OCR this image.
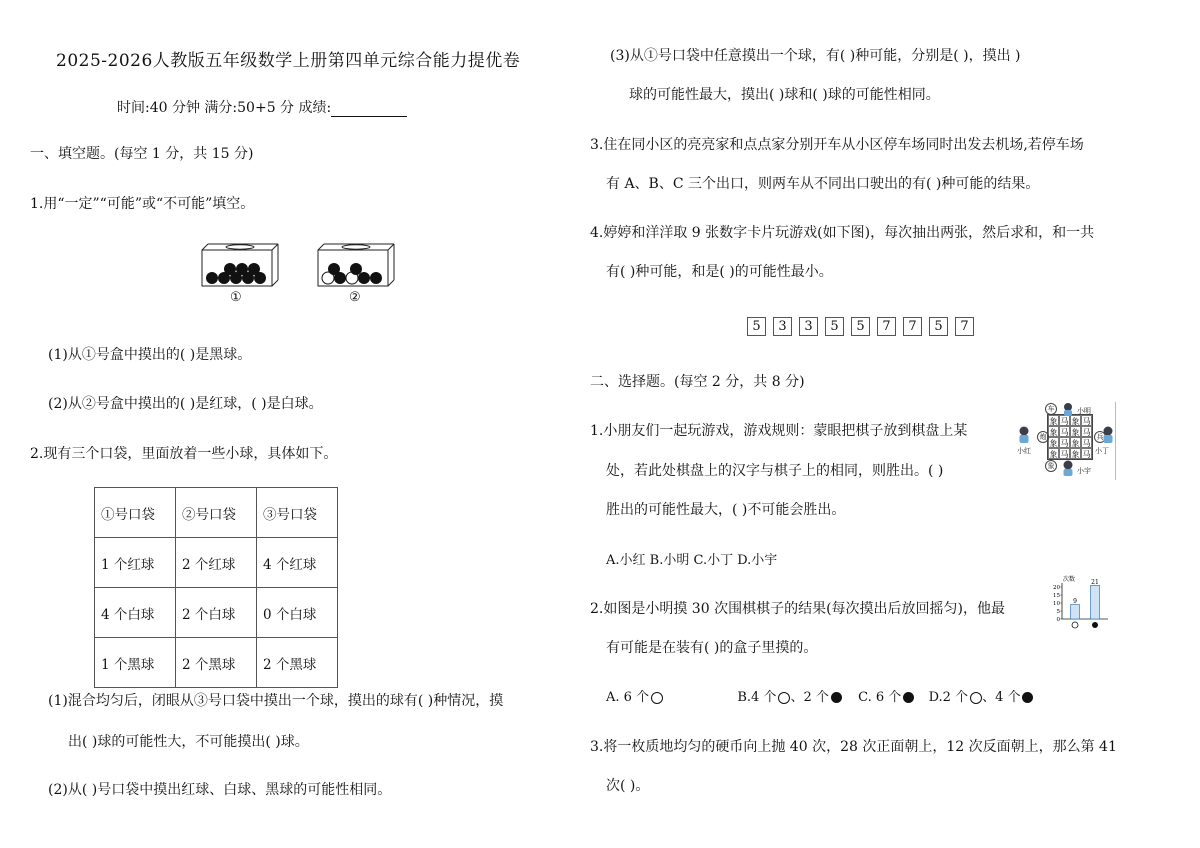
2025-2026人教版五年级数学上册第四单元综合能力提优卷
时间:40 分钟 满分:50+5 分 成绩:
一、填空题。(每空 1 分，共 15 分)
1.用“一定”“可能”或“不可能”填空。
①	②
(1)从①号盒中摸出的( )是黑球。
(2)从②号盒中摸出的( )是红球，( )是白球。
2.现有三个口袋，里面放着一些小球，具体如下。
①号口袋	②号口袋	③号口袋
1 个红球	2 个红球	4 个红球
4 个白球	2 个白球	0 个白球
1 个黑球	2 个黑球	2 个黑球
(1)混合均匀后，闭眼从③号口袋中摸出一个球，摸出的球有( )种情况，摸
出( )球的可能性大，不可能摸出( )球。
(2)从( )号口袋中摸出红球、白球、黑球的可能性相同。
(3)从①号口袋中任意摸出一个球，有( )种可能，分别是( )，摸出 )
球的可能性最大，摸出( )球和( )球的可能性相同。
3.住在同小区的亮亮家和点点家分别开车从小区停车场同时出发去机场,若停车场
有 A、B、C 三个出口，则两车从不同出口驶出的有( )种可能的结果。
4.婷婷和洋洋取 9 张数字卡片玩游戏(如下图)，每次抽出两张，然后求和，和一共
有( )种可能，和是( )的可能性最小。
5 3 3 5 5 7 7 5 7
二、选择题。(每空 2 分，共 8 分)
1.小朋友们一起玩游戏，游戏规则：蒙眼把棋子放到棋盘上某
处，若此处棋盘上的汉字与棋子上的相同，则胜出。( )
胜出的可能性最大，( )不可能会胜出。
A.小红 B.小明 C.小丁 D.小宇
象 马 象 马
象 马 象 马
象 马 象 马
象 马 象 马
车
炮	兵
象
小明
小红	小丁
小宇
2.如图是小明摸 30 次围棋棋子的结果(每次摸出后放回摇匀)，他最
有可能是在装有( )的盒子里摸的。
次数
20
15
10
5
0
9
21
A. 6 个	B.4 个 、2 个 C. 6 个 D.2 个 、4 个
3.将一枚质地均匀的硬币向上抛 40 次，28 次正面朝上，12 次反面朝上，那么第 41
次( )。
